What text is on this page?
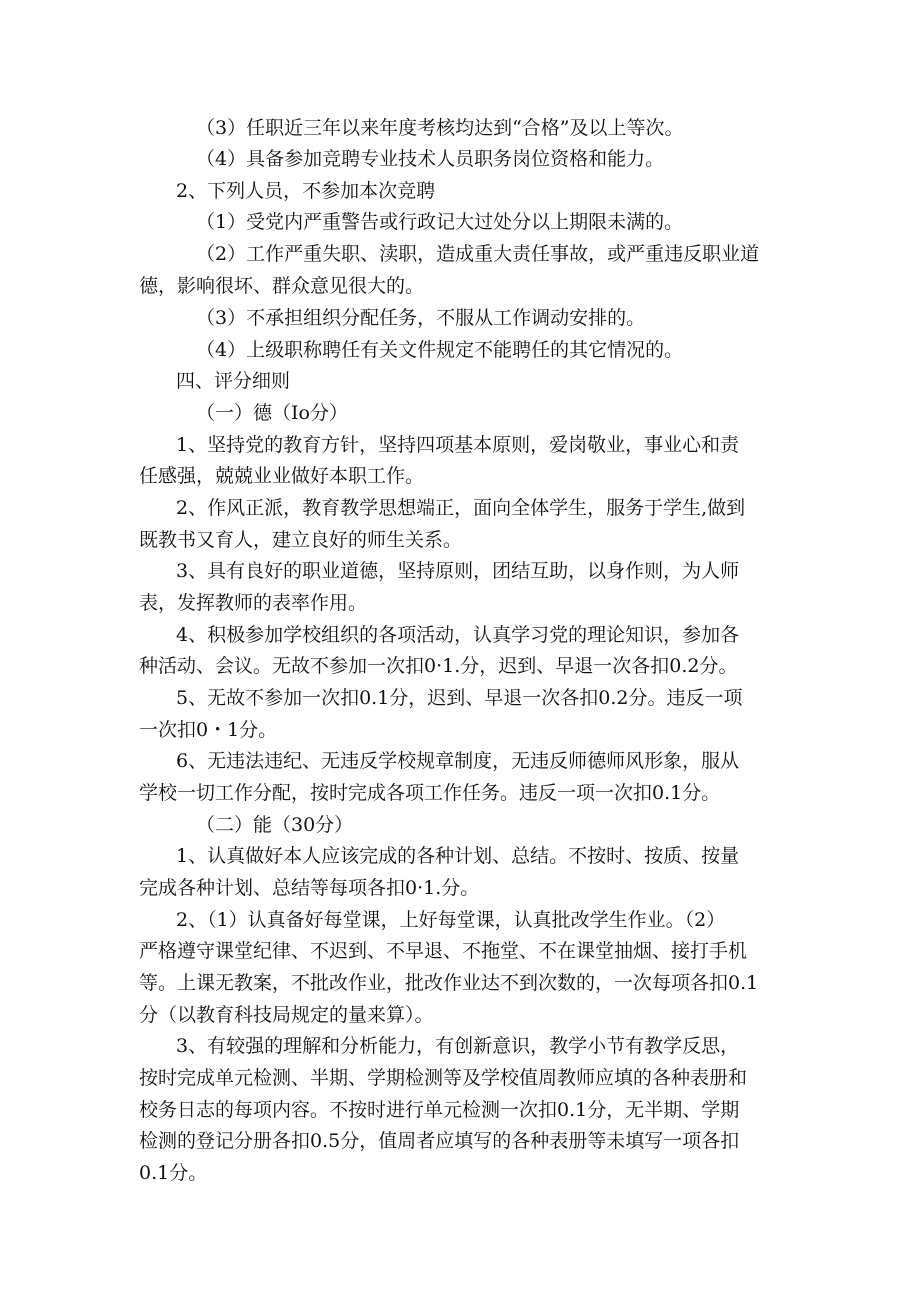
（3）任职近三年以来年度考核均达到“合格”及以上等次。
（4）具备参加竞聘专业技术人员职务岗位资格和能力。
2、下列人员，不参加本次竞聘
（1）受党内严重警告或行政记大过处分以上期限未满的。
（2）工作严重失职、渎职，造成重大责任事故，或严重违反职业道
德，影响很坏、群众意见很大的。
（3）不承担组织分配任务，不服从工作调动安排的。
（4）上级职称聘任有关文件规定不能聘任的其它情况的。
四、评分细则
（一）德（Io分）
1、坚持党的教育方针，坚持四项基本原则，爱岗敬业，事业心和责
任感强，兢兢业业做好本职工作。
2、作风正派，教育教学思想端正，面向全体学生，服务于学生,做到
既教书又育人，建立良好的师生关系。
3、具有良好的职业道德，坚持原则，团结互助，以身作则，为人师
表，发挥教师的表率作用。
4、积极参加学校组织的各项活动，认真学习党的理论知识，参加各
种活动、会议。无故不参加一次扣0·1.分，迟到、早退一次各扣0.2分。
5、无故不参加一次扣0.1分，迟到、早退一次各扣0.2分。违反一项
一次扣0・1分。
6、无违法违纪、无违反学校规章制度，无违反师德师风形象，服从
学校一切工作分配，按时完成各项工作任务。违反一项一次扣0.1分。
（二）能（30分）
1、认真做好本人应该完成的各种计划、总结。不按时、按质、按量
完成各种计划、总结等每项各扣0·1.分。
2、（1）认真备好每堂课，上好每堂课，认真批改学生作业。（2）
严格遵守课堂纪律、不迟到、不早退、不拖堂、不在课堂抽烟、接打手机
等。上课无教案，不批改作业，批改作业达不到次数的，一次每项各扣0.1
分（以教育科技局规定的量来算）。
3、有较强的理解和分析能力，有创新意识，教学小节有教学反思，
按时完成单元检测、半期、学期检测等及学校值周教师应填的各种表册和
校务日志的每项内容。不按时进行单元检测一次扣0.1分，无半期、学期
检测的登记分册各扣0.5分，值周者应填写的各种表册等未填写一项各扣
0.1分。
